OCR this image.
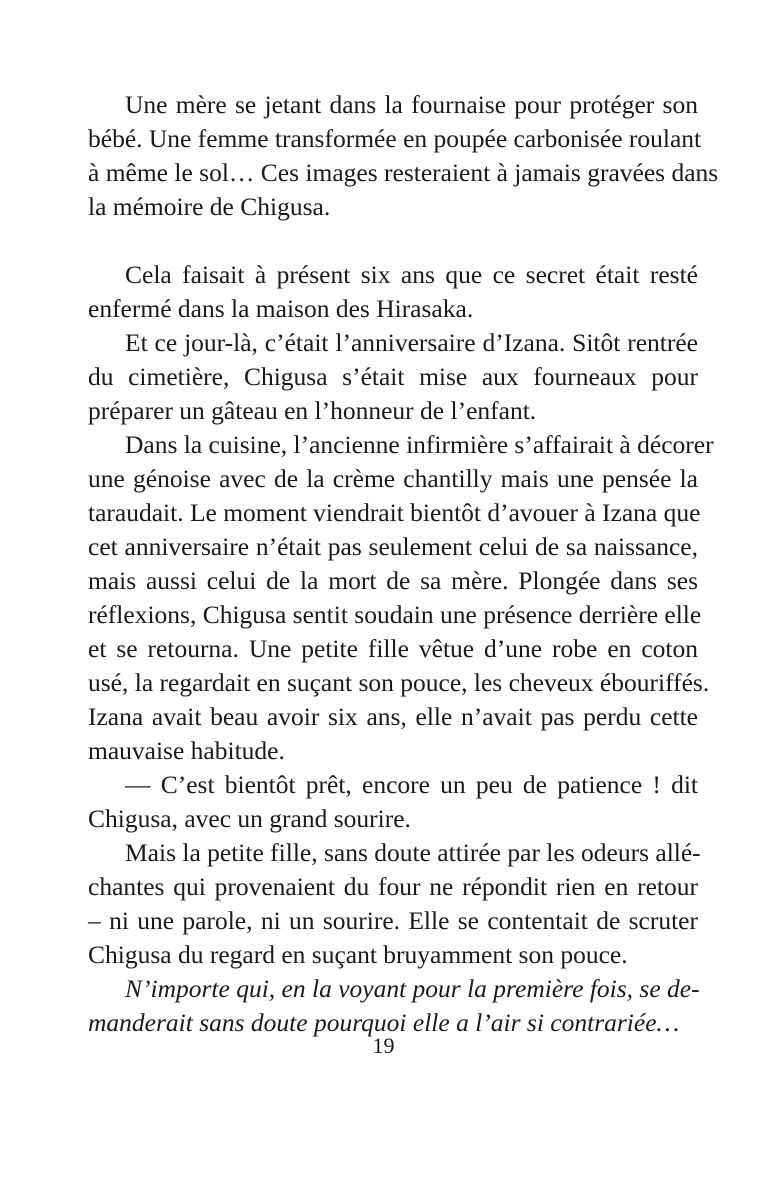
Une mère se jetant dans la fournaise pour protéger son
bébé. Une femme transformée en poupée carbonisée roulant
à même le sol… Ces images resteraient à jamais gravées dans
la mémoire de Chigusa.
Cela faisait à présent six ans que ce secret était resté
enfermé dans la maison des Hirasaka.
Et ce jour-là, c’était l’anniversaire d’Izana. Sitôt rentrée
du cimetière, Chigusa s’était mise aux fourneaux pour
préparer un gâteau en l’honneur de l’enfant.
Dans la cuisine, l’ancienne infirmière s’affairait à décorer
une génoise avec de la crème chantilly mais une pensée la
taraudait. Le moment viendrait bientôt d’avouer à Izana que
cet anniversaire n’était pas seulement celui de sa naissance,
mais aussi celui de la mort de sa mère. Plongée dans ses
réflexions, Chigusa sentit soudain une présence derrière elle
et se retourna. Une petite fille vêtue d’une robe en coton
usé, la regardait en suçant son pouce, les cheveux ébouriffés.
Izana avait beau avoir six ans, elle n’avait pas perdu cette
mauvaise habitude.
— C’est bientôt prêt, encore un peu de patience ! dit
Chigusa, avec un grand sourire.
Mais la petite fille, sans doute attirée par les odeurs allé-
chantes qui provenaient du four ne répondit rien en retour
– ni une parole, ni un sourire. Elle se contentait de scruter
Chigusa du regard en suçant bruyamment son pouce.
N’importe qui, en la voyant pour la première fois, se de-
manderait sans doute pourquoi elle a l’air si contrariée…
19
